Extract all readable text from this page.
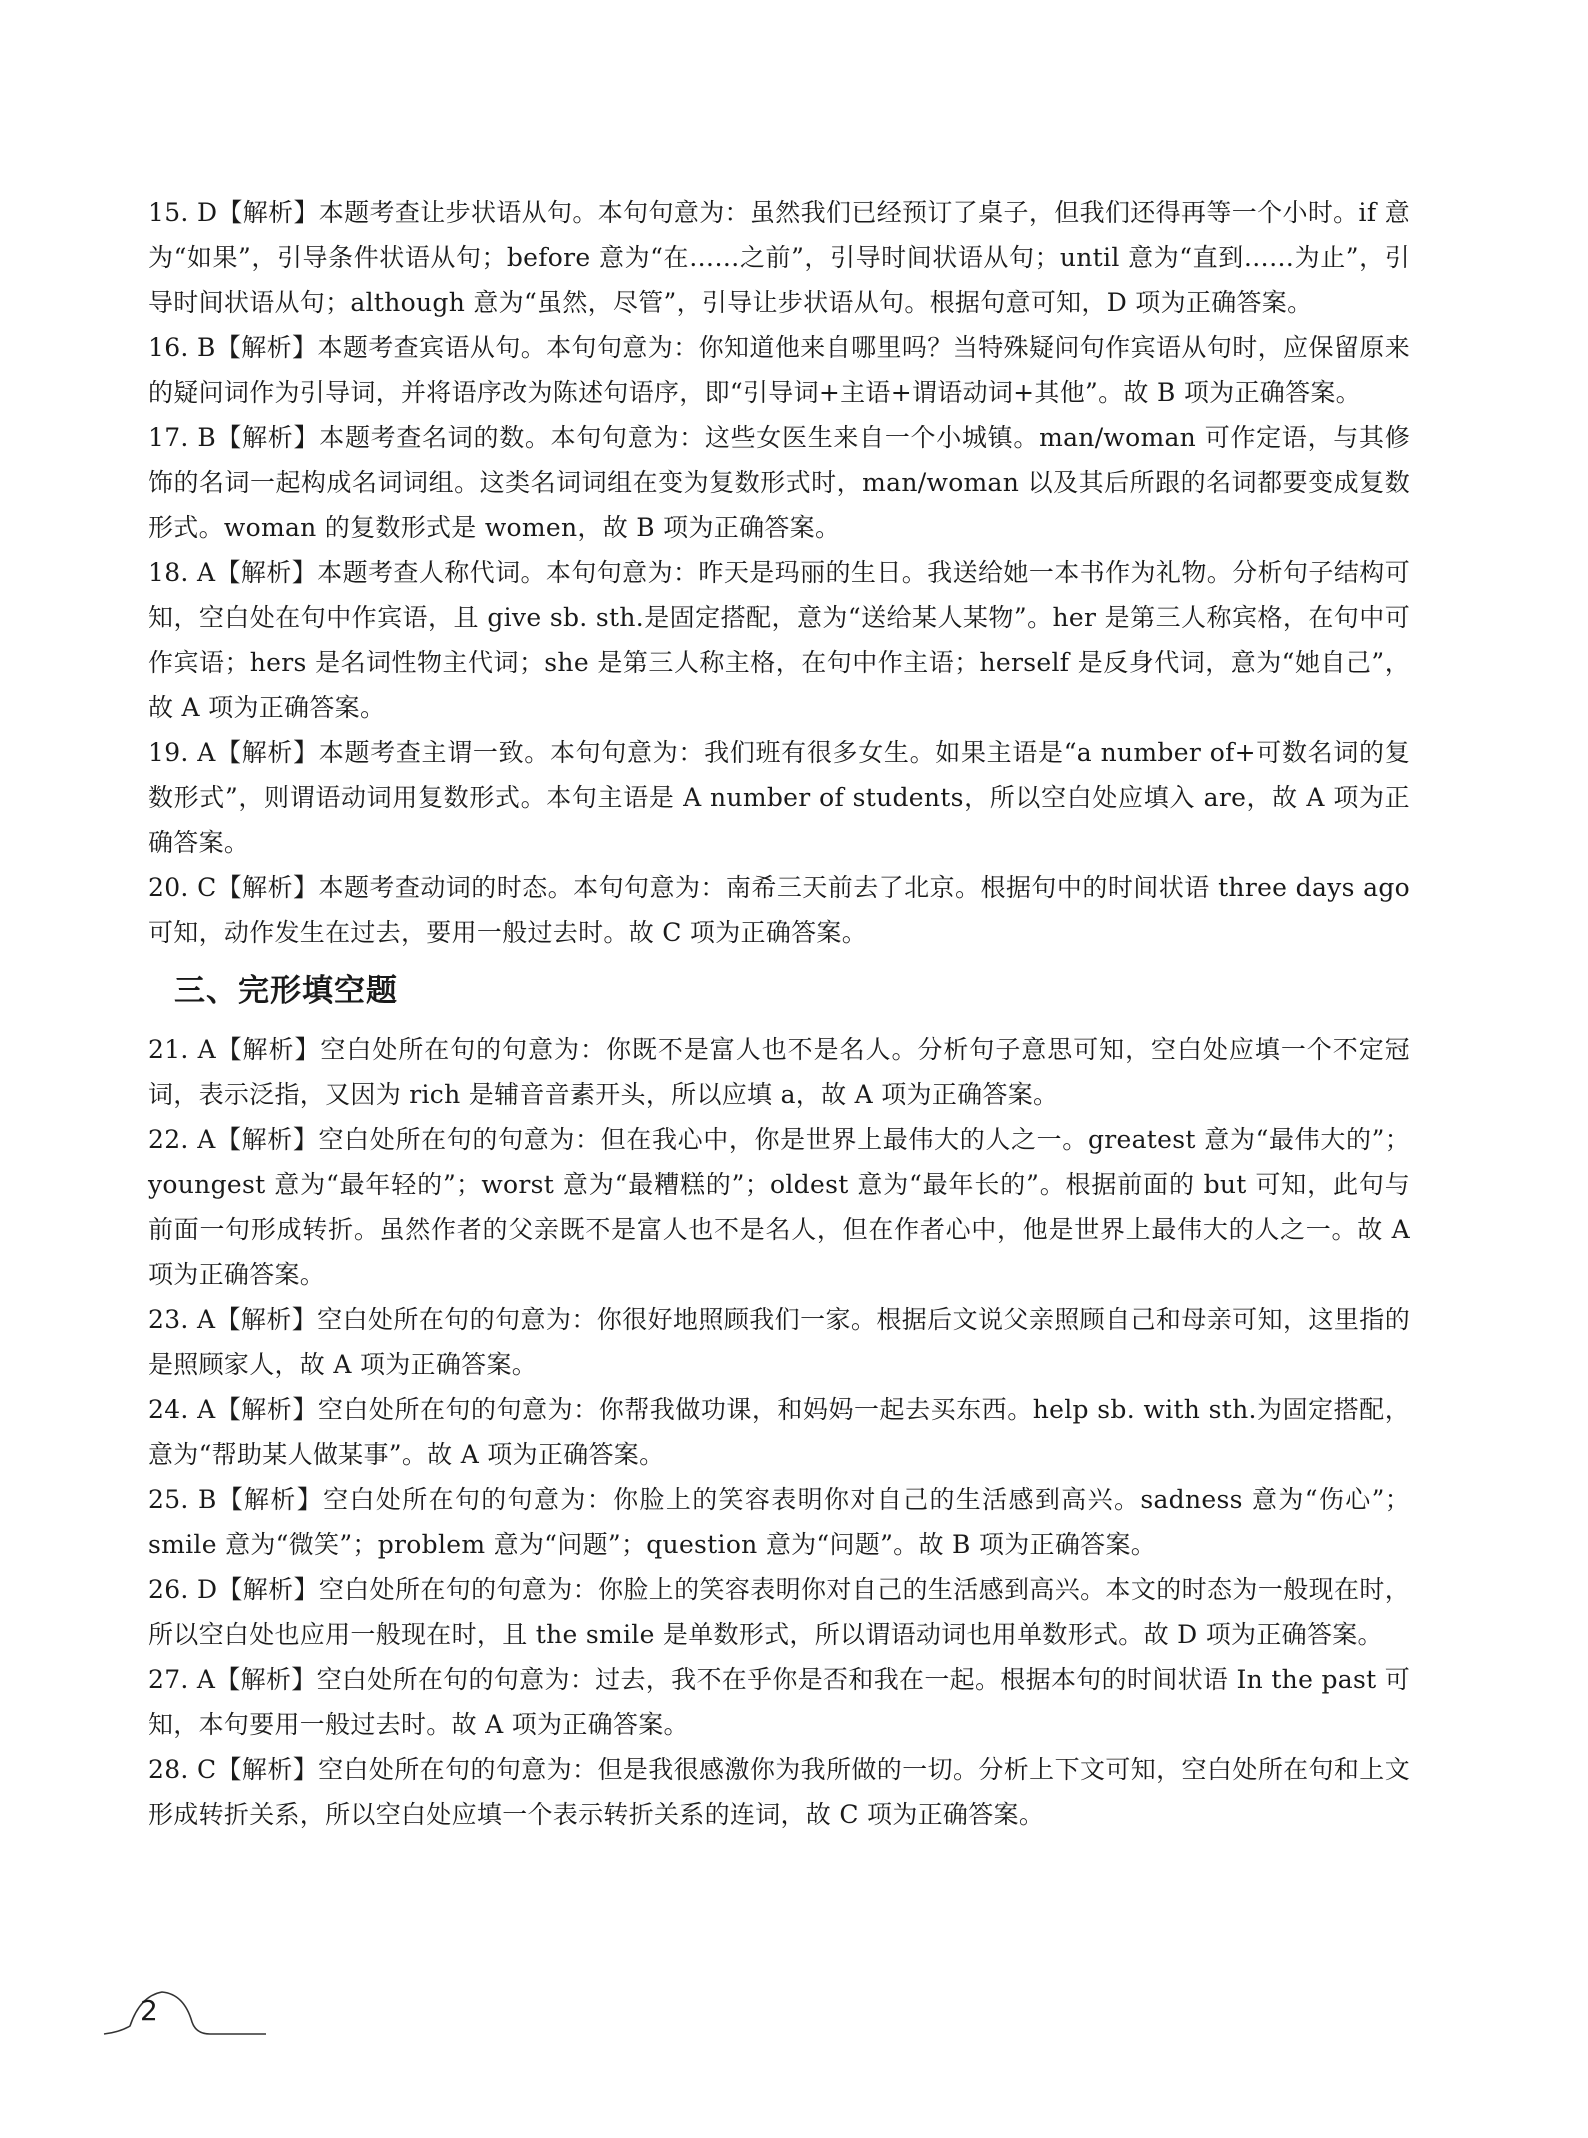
15. D【解析】本题考查让步状语从句。本句句意为：虽然我们已经预订了桌子，但我们还得再等一个小时。if 意为“如果”，引导条件状语从句；before 意为“在……之前”，引导时间状语从句；until 意为“直到……为止”，引导时间状语从句；although 意为“虽然，尽管”，引导让步状语从句。根据句意可知，D 项为正确答案。

16. B【解析】本题考查宾语从句。本句句意为：你知道他来自哪里吗？当特殊疑问句作宾语从句时，应保留原来的疑问词作为引导词，并将语序改为陈述句语序，即“引导词+主语+谓语动词+其他”。故 B 项为正确答案。

17. B【解析】本题考查名词的数。本句句意为：这些女医生来自一个小城镇。man/woman 可作定语，与其修饰的名词一起构成名词词组。这类名词词组在变为复数形式时，man/woman 以及其后所跟的名词都要变成复数形式。woman 的复数形式是 women，故 B 项为正确答案。

18. A【解析】本题考查人称代词。本句句意为：昨天是玛丽的生日。我送给她一本书作为礼物。分析句子结构可知，空白处在句中作宾语，且 give sb. sth.是固定搭配，意为“送给某人某物”。her 是第三人称宾格，在句中可作宾语；hers 是名词性物主代词；she 是第三人称主格，在句中作主语；herself 是反身代词，意为“她自己”，故 A 项为正确答案。

19. A【解析】本题考查主谓一致。本句句意为：我们班有很多女生。如果主语是“a number of+可数名词的复数形式”，则谓语动词用复数形式。本句主语是 A number of students，所以空白处应填入 are，故 A 项为正确答案。

20. C【解析】本题考查动词的时态。本句句意为：南希三天前去了北京。根据句中的时间状语 three days ago 可知，动作发生在过去，要用一般过去时。故 C 项为正确答案。

三、完形填空题

21. A【解析】空白处所在句的句意为：你既不是富人也不是名人。分析句子意思可知，空白处应填一个不定冠词，表示泛指，又因为 rich 是辅音音素开头，所以应填 a，故 A 项为正确答案。

22. A【解析】空白处所在句的句意为：但在我心中，你是世界上最伟大的人之一。greatest 意为“最伟大的”；youngest 意为“最年轻的”；worst 意为“最糟糕的”；oldest 意为“最年长的”。根据前面的 but 可知，此句与前面一句形成转折。虽然作者的父亲既不是富人也不是名人，但在作者心中，他是世界上最伟大的人之一。故 A 项为正确答案。

23. A【解析】空白处所在句的句意为：你很好地照顾我们一家。根据后文说父亲照顾自己和母亲可知，这里指的是照顾家人，故 A 项为正确答案。

24. A【解析】空白处所在句的句意为：你帮我做功课，和妈妈一起去买东西。help sb. with sth.为固定搭配，意为“帮助某人做某事”。故 A 项为正确答案。

25. B【解析】空白处所在句的句意为：你脸上的笑容表明你对自己的生活感到高兴。sadness 意为“伤心”；smile 意为“微笑”；problem 意为“问题”；question 意为“问题”。故 B 项为正确答案。

26. D【解析】空白处所在句的句意为：你脸上的笑容表明你对自己的生活感到高兴。本文的时态为一般现在时，所以空白处也应用一般现在时，且 the smile 是单数形式，所以谓语动词也用单数形式。故 D 项为正确答案。

27. A【解析】空白处所在句的句意为：过去，我不在乎你是否和我在一起。根据本句的时间状语 In the past 可知，本句要用一般过去时。故 A 项为正确答案。

28. C【解析】空白处所在句的句意为：但是我很感激你为我所做的一切。分析上下文可知，空白处所在句和上文形成转折关系，所以空白处应填一个表示转折关系的连词，故 C 项为正确答案。

2
